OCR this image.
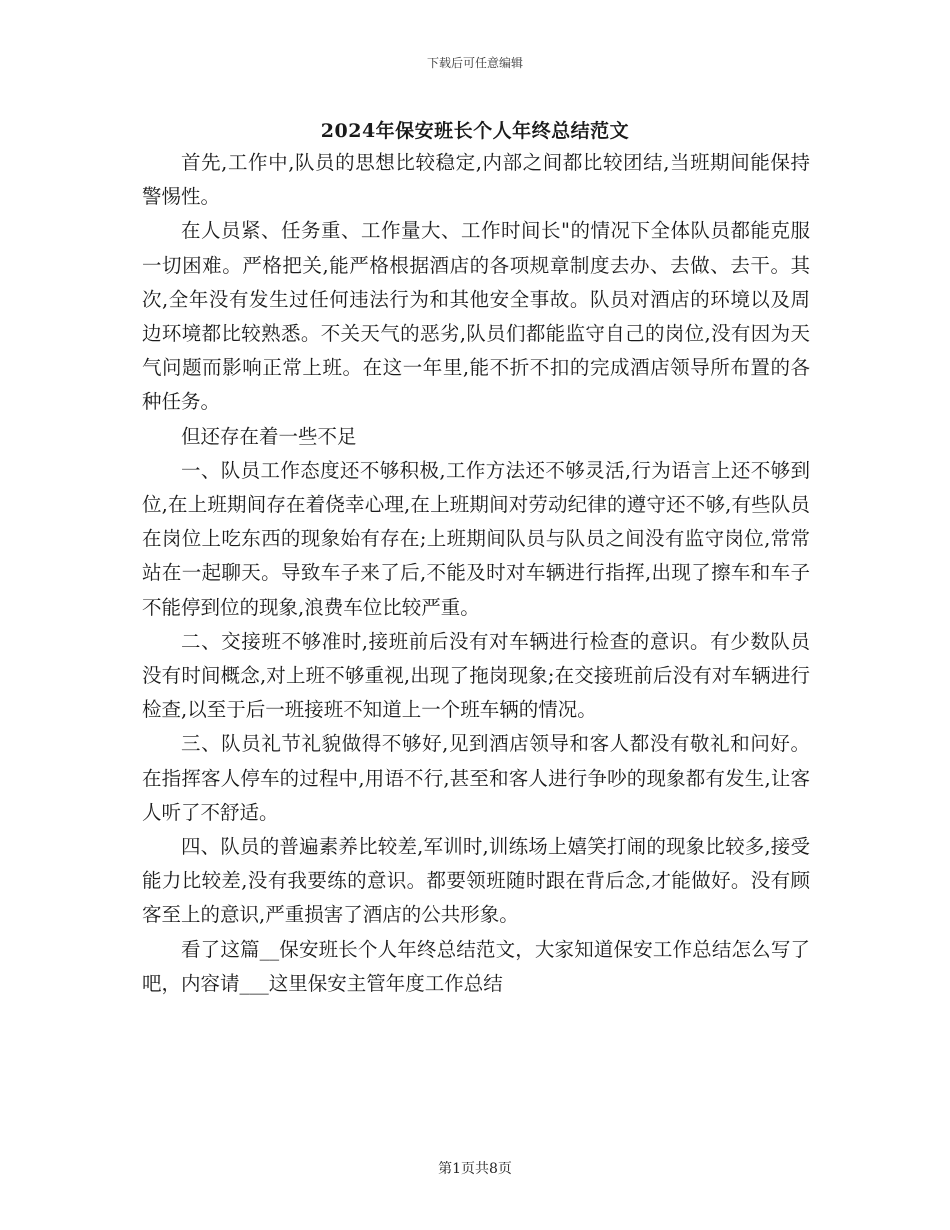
下载后可任意编辑
2024年保安班长个人年终总结范文

首先,工作中,队员的思想比较稳定,内部之间都比较团结,当班期间能保持警惕性。

在人员紧、任务重、工作量大、工作时间长"的情况下全体队员都能克服一切困难。严格把关,能严格根据酒店的各项规章制度去办、去做、去干。其次,全年没有发生过任何违法行为和其他安全事故。队员对酒店的环境以及周边环境都比较熟悉。不关天气的恶劣,队员们都能监守自己的岗位,没有因为天气问题而影响正常上班。在这一年里,能不折不扣的完成酒店领导所布置的各种任务。

但还存在着一些不足

一、队员工作态度还不够积极,工作方法还不够灵活,行为语言上还不够到位,在上班期间存在着侥幸心理,在上班期间对劳动纪律的遵守还不够,有些队员在岗位上吃东西的现象始有存在;上班期间队员与队员之间没有监守岗位,常常站在一起聊天。导致车子来了后,不能及时对车辆进行指挥,出现了擦车和车子不能停到位的现象,浪费车位比较严重。

二、交接班不够准时,接班前后没有对车辆进行检查的意识。有少数队员没有时间概念,对上班不够重视,出现了拖岗现象;在交接班前后没有对车辆进行检查,以至于后一班接班不知道上一个班车辆的情况。

三、队员礼节礼貌做得不够好,见到酒店领导和客人都没有敬礼和问好。在指挥客人停车的过程中,用语不行,甚至和客人进行争吵的现象都有发生,让客人听了不舒适。

四、队员的普遍素养比较差,军训时,训练场上嬉笑打闹的现象比较多,接受能力比较差,没有我要练的意识。都要领班随时跟在背后念,才能做好。没有顾客至上的意识,严重损害了酒店的公共形象。

看了这篇__保安班长个人年终总结范文，大家知道保安工作总结怎么写了吧，内容请___这里保安主管年度工作总结

第1页共8页
